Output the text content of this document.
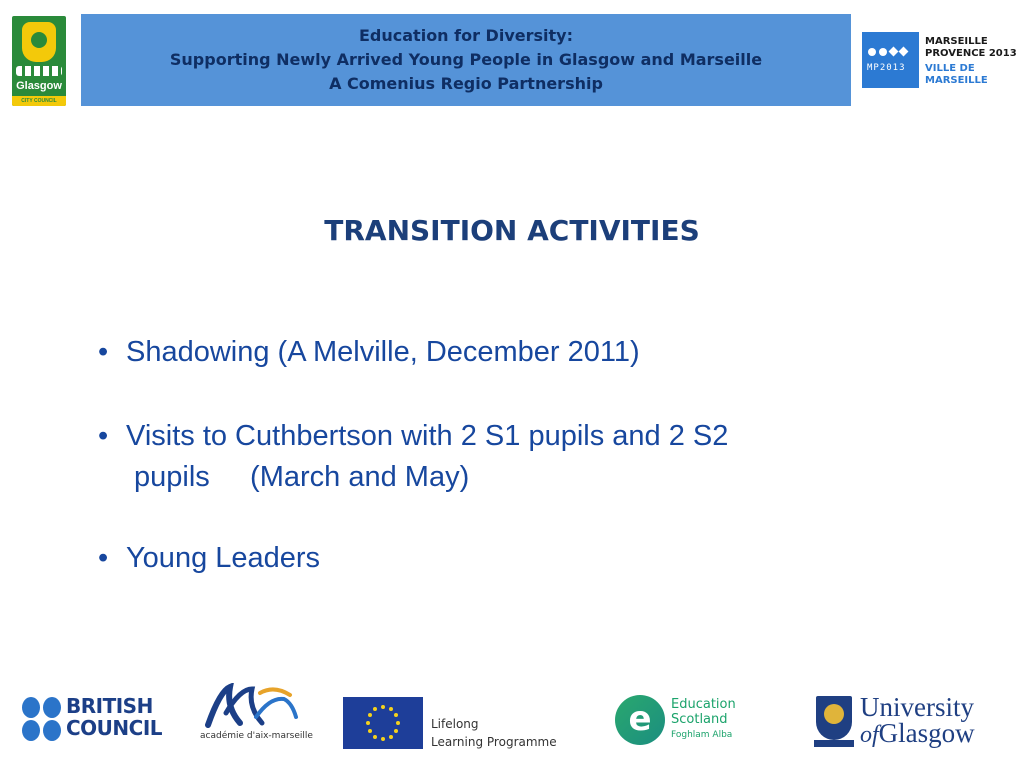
Glasgow
CITY COUNCIL
Education for Diversity:
Supporting Newly Arrived Young People in Glasgow and Marseille
A Comenius Regio Partnership
MP2013
MARSEILLE
PROVENCE 2013
VILLE DE
MARSEILLE
TRANSITION ACTIVITIES
• Shadowing (A Melville, December 2011)
• Visits to Cuthbertson with 2 S1 pupils and 2 S2
pupils     (March and May)
• Young Leaders
BRITISH
COUNCIL	académie d'aix-marseille
Lifelong
Learning Programme
e	Education
Scotland
Foghlam Alba
University
ofGlasgow
